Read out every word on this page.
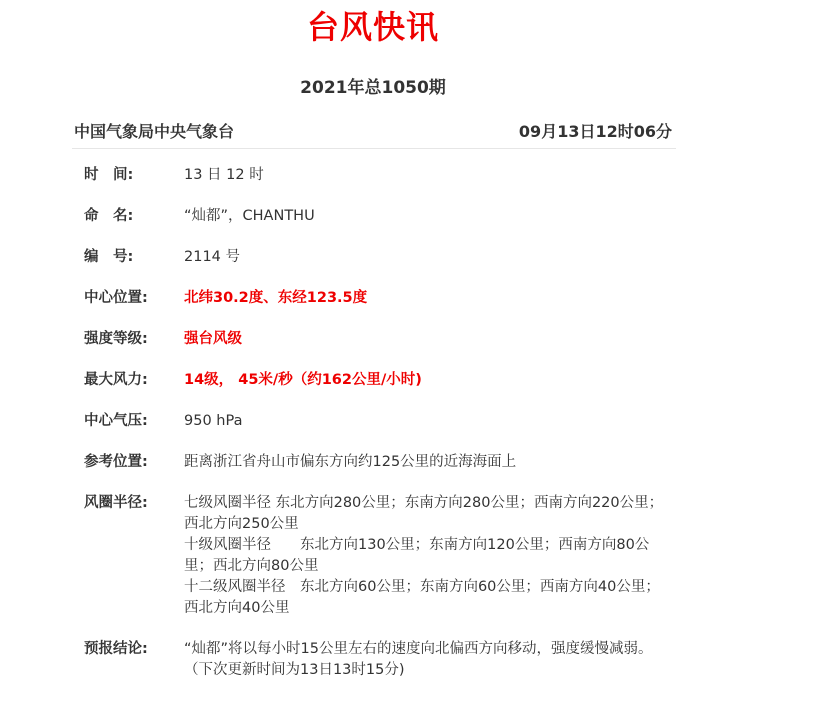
台风快讯
2021年总1050期
中国气象局中央气象台	09月13日12时06分
时　间:	13 日 12 时
命　名:	“灿都”，CHANTHU
编　号:	2114 号
中心位置:	北纬30.2度、东经123.5度
强度等级:	强台风级
最大风力:	14级， 45米/秒（约162公里/小时)
中心气压:	950 hPa
参考位置:	距离浙江省舟山市偏东方向约125公里的近海海面上
风圈半径:	七级风圈半径 东北方向280公里；东南方向280公里；西南方向220公里；西北方向250公里

十级风圈半径　　东北方向130公里；东南方向120公里；西南方向80公里；西北方向80公里

十二级风圈半径　东北方向60公里；东南方向60公里；西南方向40公里；西北方向40公里

预报结论:	“灿都”将以每小时15公里左右的速度向北偏西方向移动，强度缓慢减弱。

（下次更新时间为13日13时15分)
